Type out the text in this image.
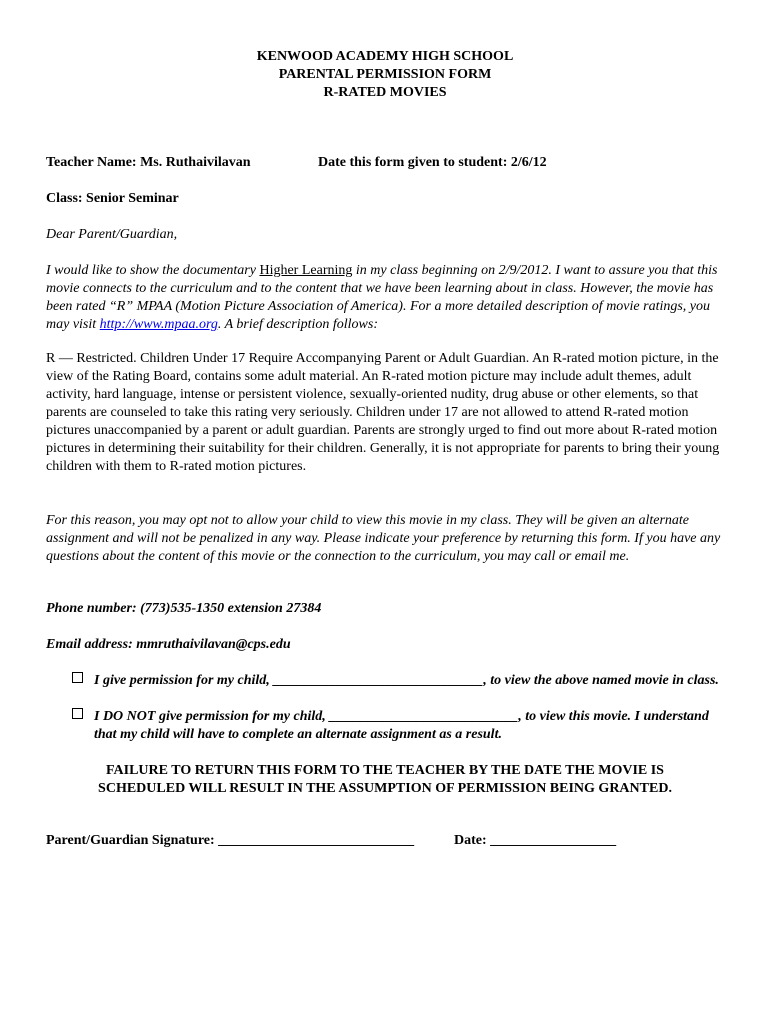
KENWOOD ACADEMY HIGH SCHOOL
PARENTAL PERMISSION FORM
R-RATED MOVIES
Teacher Name: Ms. Ruthaivilavan	Date this form given to student: 2/6/12
Class: Senior Seminar
Dear Parent/Guardian,
I would like to show the documentary Higher Learning in my class beginning on 2/9/2012. I want to assure you that this movie connects to the curriculum and to the content that we have been learning about in class. However, the movie has been rated “R” MPAA (Motion Picture Association of America). For a more detailed description of movie ratings, you may visit http://www.mpaa.org. A brief description follows:
R — Restricted. Children Under 17 Require Accompanying Parent or Adult Guardian. An R-rated motion picture, in the view of the Rating Board, contains some adult material. An R-rated motion picture may include adult themes, adult activity, hard language, intense or persistent violence, sexually-oriented nudity, drug abuse or other elements, so that parents are counseled to take this rating very seriously. Children under 17 are not allowed to attend R-rated motion pictures unaccompanied by a parent or adult guardian. Parents are strongly urged to find out more about R-rated motion pictures in determining their suitability for their children. Generally, it is not appropriate for parents to bring their young children with them to R-rated motion pictures.
For this reason, you may opt not to allow your child to view this movie in my class. They will be given an alternate assignment and will not be penalized in any way. Please indicate your preference by returning this form. If you have any questions about the content of this movie or the connection to the curriculum, you may call or email me.
Phone number: (773)535-1350 extension 27384
Email address: mmruthaivilavan@cps.edu
I give permission for my child, ______________________________, to view the above named movie in class.
I DO NOT give permission for my child, ___________________________, to view this movie. I understand that my child will have to complete an alternate assignment as a result.
FAILURE TO RETURN THIS FORM TO THE TEACHER BY THE DATE THE MOVIE IS
SCHEDULED WILL RESULT IN THE ASSUMPTION OF PERMISSION BEING GRANTED.
Parent/Guardian Signature: ____________________________	Date: __________________
